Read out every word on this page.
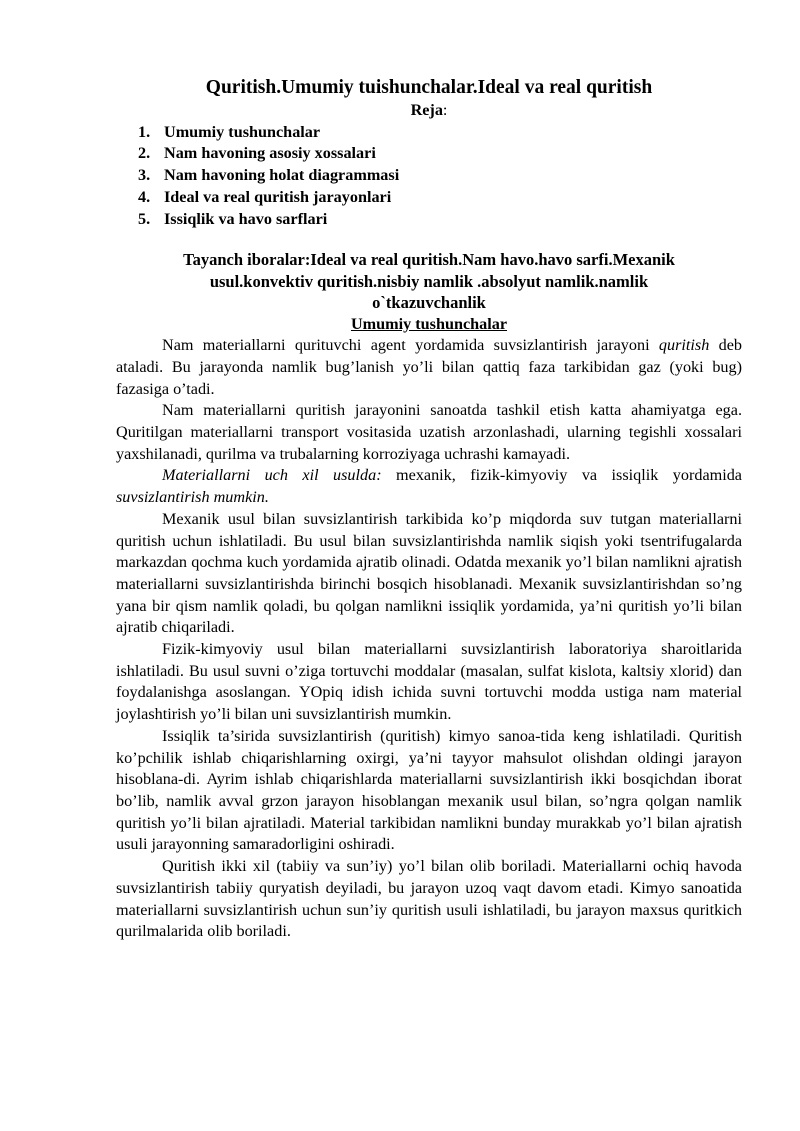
Quritish.Umumiy tuishunchalar.Ideal va real quritish
Reja:
1. Umumiy tushunchalar
2. Nam havoning asosiy xossalari
3. Nam havoning holat diagrammasi
4. Ideal va real quritish jarayonlari
5. Issiqlik va havo sarflari
Tayanch iboralar:Ideal va real quritish.Nam havo.havo sarfi.Mexanik
usul.konvektiv quritish.nisbiy namlik .absolyut namlik.namlik
o`tkazuvchanlik
Umumiy tushunchalar

Nam materiallarni qurituvchi agent yordamida suvsizlantirish jarayoni quritish deb ataladi. Bu jarayonda namlik bug’lanish yo’li bilan qattiq faza tarkibidan gaz (yoki bug) fazasiga o’tadi.

Nam materiallarni quritish jarayonini sanoatda tashkil etish katta ahamiyatga ega. Quritilgan materiallarni transport vositasida uzatish arzonlashadi, ularning tegishli xossalari yaxshilanadi, qurilma va trubalarning korroziyaga uchrashi kamayadi.

Materiallarni uch xil usulda: mexanik, fizik-kimyoviy va issiqlik yordamida suvsizlantirish mumkin.

Mexanik usul bilan suvsizlantirish tarkibida ko’p miqdorda suv tutgan materiallarni quritish uchun ishlatiladi. Bu usul bilan suvsizlantirishda namlik siqish yoki tsentrifugalarda markazdan qochma kuch yordamida ajratib olinadi. Odatda mexanik yo’l bilan namlikni ajratish materiallarni suvsizlantirishda birinchi bosqich hisoblanadi. Mexanik suvsizlantirishdan so’ng yana bir qism namlik qoladi, bu qolgan namlikni issiqlik yordamida, ya’ni quritish yo’li bilan ajratib chiqariladi.

Fizik-kimyoviy usul bilan materiallarni suvsizlantirish laboratoriya sharoitlarida ishlatiladi. Bu usul suvni o’ziga tortuvchi moddalar (masalan, sulfat kislota, kaltsiy xlorid) dan foydalanishga asoslangan. YOpiq idish ichida suvni tortuvchi modda ustiga nam material joylashtirish yo’li bilan uni suvsizlantirish mumkin.

Issiqlik ta’sirida suvsizlantirish (quritish) kimyo sanoa-tida keng ishlatiladi. Quritish ko’pchilik ishlab chiqarishlarning oxirgi, ya’ni tayyor mahsulot olishdan oldingi jarayon hisoblana-di. Ayrim ishlab chiqarishlarda materiallarni suvsizlantirish ikki bosqichdan iborat bo’lib, namlik avval grzon jarayon hisoblangan mexanik usul bilan, so’ngra qolgan namlik quritish yo’li bilan ajratiladi. Material tarkibidan namlikni bunday murakkab yo’l bilan ajratish usuli jarayonning samaradorligini oshiradi.

Quritish ikki xil (tabiiy va sun’iy) yo’l bilan olib boriladi. Materiallarni ochiq havoda suvsizlantirish tabiiy quryatish deyiladi, bu jarayon uzoq vaqt davom etadi. Kimyo sanoatida materiallarni suvsizlantirish uchun sun’iy quritish usuli ishlatiladi, bu jarayon maxsus quritkich qurilmalarida olib boriladi.
